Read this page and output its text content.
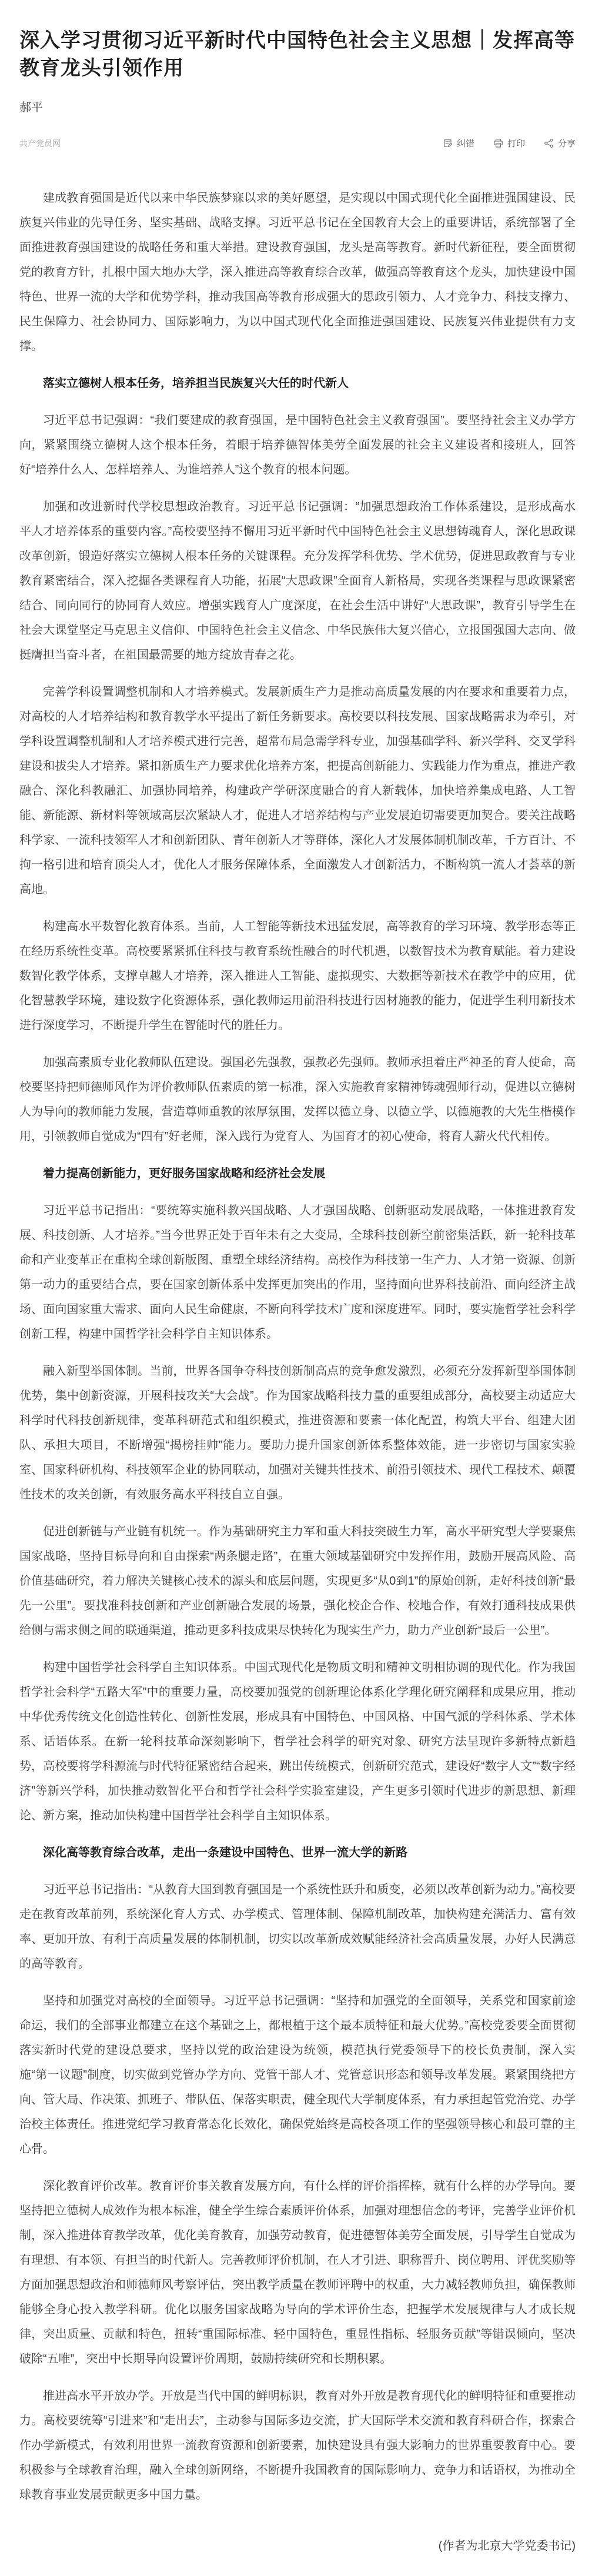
深入学习贯彻习近平新时代中国特色社会主义思想｜发挥高等教育龙头引领作用
郝平
共产党员网	纠错	打印	分享

建成教育强国是近代以来中华民族梦寐以求的美好愿望，是实现以中国式现代化全面推进强国建设、民族复兴伟业的先导任务、坚实基础、战略支撑。习近平总书记在全国教育大会上的重要讲话，系统部署了全面推进教育强国建设的战略任务和重大举措。建设教育强国，龙头是高等教育。新时代新征程，要全面贯彻党的教育方针，扎根中国大地办大学，深入推进高等教育综合改革，做强高等教育这个龙头，加快建设中国特色、世界一流的大学和优势学科，推动我国高等教育形成强大的思政引领力、人才竞争力、科技支撑力、民生保障力、社会协同力、国际影响力，为以中国式现代化全面推进强国建设、民族复兴伟业提供有力支撑。

落实立德树人根本任务，培养担当民族复兴大任的时代新人

习近平总书记强调：“我们要建成的教育强国，是中国特色社会主义教育强国”。要坚持社会主义办学方向，紧紧围绕立德树人这个根本任务，着眼于培养德智体美劳全面发展的社会主义建设者和接班人，回答好“培养什么人、怎样培养人、为谁培养人”这个教育的根本问题。

加强和改进新时代学校思想政治教育。习近平总书记强调：“加强思想政治工作体系建设，是形成高水平人才培养体系的重要内容。”高校要坚持不懈用习近平新时代中国特色社会主义思想铸魂育人，深化思政课改革创新，锻造好落实立德树人根本任务的关键课程。充分发挥学科优势、学术优势，促进思政教育与专业教育紧密结合，深入挖掘各类课程育人功能，拓展“大思政课”全面育人新格局，实现各类课程与思政课紧密结合、同向同行的协同育人效应。增强实践育人广度深度，在社会生活中讲好“大思政课”，教育引导学生在社会大课堂坚定马克思主义信仰、中国特色社会主义信念、中华民族伟大复兴信心，立报国强国大志向、做挺膺担当奋斗者，在祖国最需要的地方绽放青春之花。

完善学科设置调整机制和人才培养模式。发展新质生产力是推动高质量发展的内在要求和重要着力点，对高校的人才培养结构和教育教学水平提出了新任务新要求。高校要以科技发展、国家战略需求为牵引，对学科设置调整机制和人才培养模式进行完善，超常布局急需学科专业，加强基础学科、新兴学科、交叉学科建设和拔尖人才培养。紧扣新质生产力要求优化培养方案，把提高创新能力、实践能力作为重点，推进产教融合、深化科教融汇、加强协同培养，构建政产学研深度融合的育人新载体，加快培养集成电路、人工智能、新能源、新材料等领域高层次紧缺人才，促进人才培养结构与产业发展迫切需要更加契合。要关注战略科学家、一流科技领军人才和创新团队、青年创新人才等群体，深化人才发展体制机制改革，千方百计、不拘一格引进和培育顶尖人才，优化人才服务保障体系，全面激发人才创新活力，不断构筑一流人才荟萃的新高地。

构建高水平数智化教育体系。当前，人工智能等新技术迅猛发展，高等教育的学习环境、教学形态等正在经历系统性变革。高校要紧紧抓住科技与教育系统性融合的时代机遇，以数智技术为教育赋能。着力建设数智化教学体系，支撑卓越人才培养，深入推进人工智能、虚拟现实、大数据等新技术在教学中的应用，优化智慧教学环境，建设数字化资源体系，强化教师运用前沿科技进行因材施教的能力，促进学生利用新技术进行深度学习，不断提升学生在智能时代的胜任力。

加强高素质专业化教师队伍建设。强国必先强教，强教必先强师。教师承担着庄严神圣的育人使命，高校要坚持把师德师风作为评价教师队伍素质的第一标准，深入实施教育家精神铸魂强师行动，促进以立德树人为导向的教师能力发展，营造尊师重教的浓厚氛围，发挥以德立身、以德立学、以德施教的大先生楷模作用，引领教师自觉成为“四有”好老师，深入践行为党育人、为国育才的初心使命，将育人薪火代代相传。

着力提高创新能力，更好服务国家战略和经济社会发展

习近平总书记指出：“要统筹实施科教兴国战略、人才强国战略、创新驱动发展战略，一体推进教育发展、科技创新、人才培养。”当今世界正处于百年未有之大变局，全球科技创新空前密集活跃，新一轮科技革命和产业变革正在重构全球创新版图、重塑全球经济结构。高校作为科技第一生产力、人才第一资源、创新第一动力的重要结合点，要在国家创新体系中发挥更加突出的作用，坚持面向世界科技前沿、面向经济主战场、面向国家重大需求、面向人民生命健康，不断向科学技术广度和深度进军。同时，要实施哲学社会科学创新工程，构建中国哲学社会科学自主知识体系。

融入新型举国体制。当前，世界各国争夺科技创新制高点的竞争愈发激烈，必须充分发挥新型举国体制优势，集中创新资源，开展科技攻关“大会战”。作为国家战略科技力量的重要组成部分，高校要主动适应大科学时代科技创新规律，变革科研范式和组织模式，推进资源和要素一体化配置，构筑大平台、组建大团队、承担大项目，不断增强“揭榜挂帅”能力。要助力提升国家创新体系整体效能，进一步密切与国家实验室、国家科研机构、科技领军企业的协同联动，加强对关键共性技术、前沿引领技术、现代工程技术、颠覆性技术的攻关创新，有效服务高水平科技自立自强。

促进创新链与产业链有机统一。作为基础研究主力军和重大科技突破生力军，高水平研究型大学要聚焦国家战略，坚持目标导向和自由探索“两条腿走路”，在重大领域基础研究中发挥作用，鼓励开展高风险、高价值基础研究，着力解决关键核心技术的源头和底层问题，实现更多“从0到1”的原始创新，走好科技创新“最先一公里”。要找准科技创新和产业创新融合发展的场景，强化校企合作、校地合作，有效打通科技成果供给侧与需求侧之间的联通渠道，推动更多科技成果尽快转化为现实生产力，助力产业创新“最后一公里”。

构建中国哲学社会科学自主知识体系。中国式现代化是物质文明和精神文明相协调的现代化。作为我国哲学社会科学“五路大军”中的重要力量，高校要加强党的创新理论体系化学理化研究阐释和成果应用，推动中华优秀传统文化创造性转化、创新性发展，形成具有中国特色、中国风格、中国气派的学科体系、学术体系、话语体系。在新一轮科技革命深刻影响下，哲学社会科学的研究对象、研究方法呈现许多新特点新趋势，高校要将学科源流与时代特征紧密结合起来，跳出传统模式，创新研究范式，建设好“数字人文”“数字经济”等新兴学科，加快推动数智化平台和哲学社会科学实验室建设，产生更多引领时代进步的新思想、新理论、新方案，推动加快构建中国哲学社会科学自主知识体系。

深化高等教育综合改革，走出一条建设中国特色、世界一流大学的新路

习近平总书记指出：“从教育大国到教育强国是一个系统性跃升和质变，必须以改革创新为动力。”高校要走在教育改革前列，系统深化育人方式、办学模式、管理体制、保障机制改革，加快构建充满活力、富有效率、更加开放、有利于高质量发展的体制机制，切实以改革新成效赋能经济社会高质量发展，办好人民满意的高等教育。

坚持和加强党对高校的全面领导。习近平总书记强调：“坚持和加强党的全面领导，关系党和国家前途命运，我们的全部事业都建立在这个基础之上，都根植于这个最本质特征和最大优势。”高校党委要全面贯彻落实新时代党的建设总要求，坚持以党的政治建设为统领，模范执行党委领导下的校长负责制，深入实施“第一议题”制度，切实做到党管办学方向、党管干部人才、党管意识形态和领导改革发展。紧紧围绕把方向、管大局、作决策、抓班子、带队伍、保落实职责，健全现代大学制度体系，有力承担起管党治党、办学治校主体责任。推进党纪学习教育常态化长效化，确保党始终是高校各项工作的坚强领导核心和最可靠的主心骨。

深化教育评价改革。教育评价事关教育发展方向，有什么样的评价指挥棒，就有什么样的办学导向。要坚持把立德树人成效作为根本标准，健全学生综合素质评价体系，加强对理想信念的考评，完善学业评价机制，深入推进体育教学改革，优化美育教育，加强劳动教育，促进德智体美劳全面发展，引导学生自觉成为有理想、有本领、有担当的时代新人。完善教师评价机制，在人才引进、职称晋升、岗位聘用、评优奖励等方面加强思想政治和师德师风考察评估，突出教学质量在教师评聘中的权重，大力减轻教师负担，确保教师能够全身心投入教学科研。优化以服务国家战略为导向的学术评价生态，把握学术发展规律与人才成长规律，突出质量、贡献和特色，扭转“重国际标准、轻中国特色，重显性指标、轻服务贡献”等错误倾向，坚决破除“五唯”，突出中长期导向设置评价周期，鼓励持续研究和长期积累。

推进高水平开放办学。开放是当代中国的鲜明标识，教育对外开放是教育现代化的鲜明特征和重要推动力。高校要统筹“引进来”和“走出去”，主动参与国际多边交流，扩大国际学术交流和教育科研合作，探索合作办学新模式，有效利用世界一流教育资源和创新要素，加快建设具有强大影响力的世界重要教育中心。要积极参与全球教育治理，融入全球创新网络，不断提升我国教育的国际影响力、竞争力和话语权，为推动全球教育事业发展贡献更多中国力量。

(作者为北京大学党委书记)
